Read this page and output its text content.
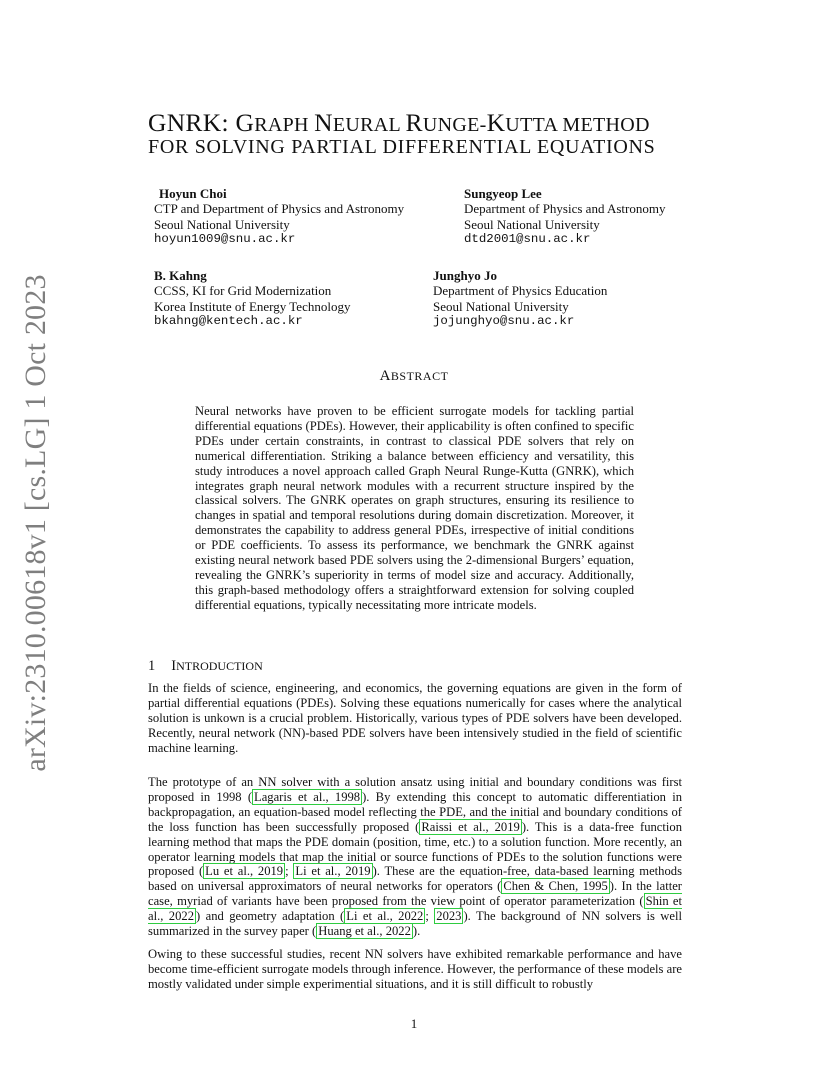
arXiv:2310.00618v1 [cs.LG] 1 Oct 2023
GNRK: GRAPH NEURAL RUNGE-KUTTA METHOD
FOR SOLVING PARTIAL DIFFERENTIAL EQUATIONS
Hoyun Choi
CTP and Department of Physics and Astronomy
Seoul National University
hoyun1009@snu.ac.kr
Sungyeop Lee
Department of Physics and Astronomy
Seoul National University
dtd2001@snu.ac.kr
B. Kahng
CCSS, KI for Grid Modernization
Korea Institute of Energy Technology
bkahng@kentech.ac.kr
Junghyo Jo
Department of Physics Education
Seoul National University
jojunghyo@snu.ac.kr
ABSTRACT
Neural networks have proven to be efficient surrogate models for tackling partial differential equations (PDEs). However, their applicability is often confined to specific PDEs under certain constraints, in contrast to classical PDE solvers that rely on numerical differentiation. Striking a balance between efficiency and versatility, this study introduces a novel approach called Graph Neural Runge-Kutta (GNRK), which integrates graph neural network modules with a recurrent structure inspired by the classical solvers. The GNRK operates on graph structures, ensuring its resilience to changes in spatial and temporal resolutions during domain discretization. Moreover, it demonstrates the capability to address general PDEs, irrespective of initial conditions or PDE coefficients. To assess its performance, we benchmark the GNRK against existing neural network based PDE solvers using the 2-dimensional Burgers’ equation, revealing the GNRK’s superiority in terms of model size and accuracy. Additionally, this graph-based methodology offers a straightforward extension for solving coupled differential equations, typically necessitating more intricate models.
1 INTRODUCTION
In the fields of science, engineering, and economics, the governing equations are given in the form of partial differential equations (PDEs). Solving these equations numerically for cases where the analytical solution is unkown is a crucial problem. Historically, various types of PDE solvers have been developed. Recently, neural network (NN)-based PDE solvers have been intensively studied in the field of scientific machine learning.
The prototype of an NN solver with a solution ansatz using initial and boundary conditions was first proposed in 1998 ( Lagaris et al., 1998 ). By extending this concept to automatic differentiation in backpropagation, an equation-based model reflecting the PDE, and the initial and boundary conditions of the loss function has been successfully proposed ( Raissi et al., 2019 ). This is a data-free function learning method that maps the PDE domain (position, time, etc.) to a solution function. More recently, an operator learning models that map the initial or source functions of PDEs to the solution functions were proposed ( Lu et al., 2019 ; Li et al., 2019 ). These are the equation-free, data-based learning methods based on universal approximators of neural networks for operators ( Chen & Chen, 1995 ). In the latter case, myriad of variants have been proposed from the view point of operator parameterization ( Shin et al., 2022 ) and geometry adaptation ( Li et al., 2022 ; 2023 ). The background of NN solvers is well summarized in the survey paper ( Huang et al., 2022 ).
Owing to these successful studies, recent NN solvers have exhibited remarkable performance and have become time-efficient surrogate models through inference. However, the performance of these models are mostly validated under simple experimential situations, and it is still difficult to robustly
1
